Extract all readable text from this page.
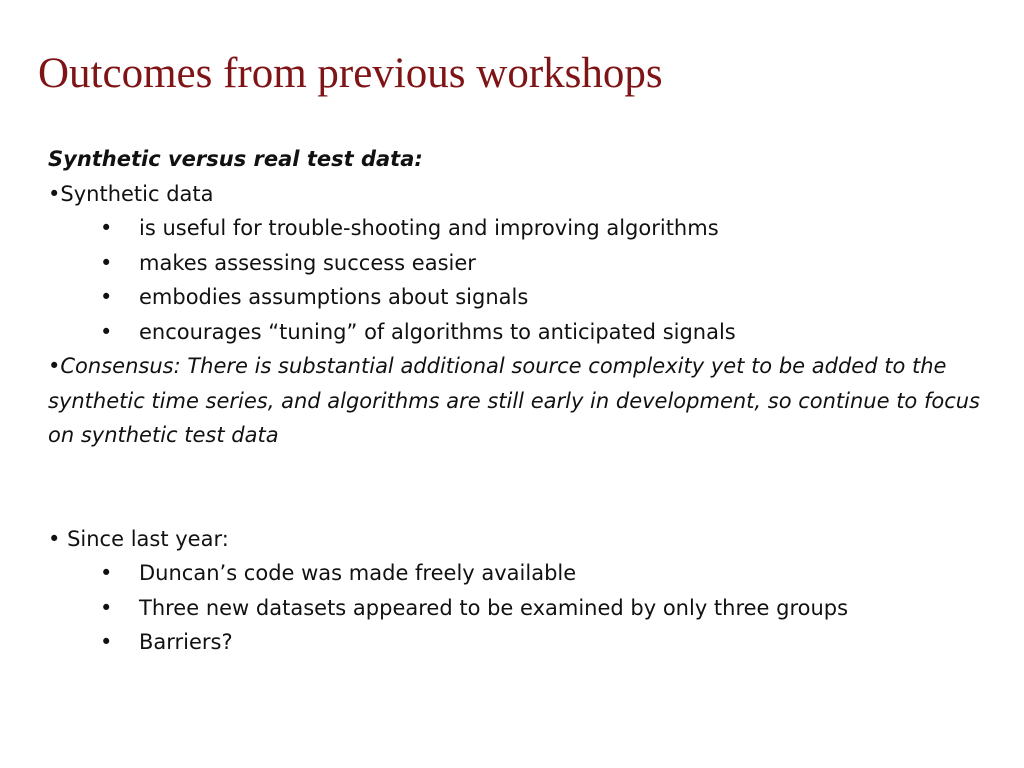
Outcomes from previous workshops

Synthetic versus real test data:

•Synthetic data

• is useful for trouble-shooting and improving algorithms

• makes assessing success easier

• embodies assumptions about signals

• encourages “tuning” of algorithms to anticipated signals

•Consensus: There is substantial additional source complexity yet to be added to the synthetic time series, and algorithms are still early in development, so continue to focus on synthetic test data

• Since last year:

• Duncan’s code was made freely available

• Three new datasets appeared to be examined by only three groups

• Barriers?
